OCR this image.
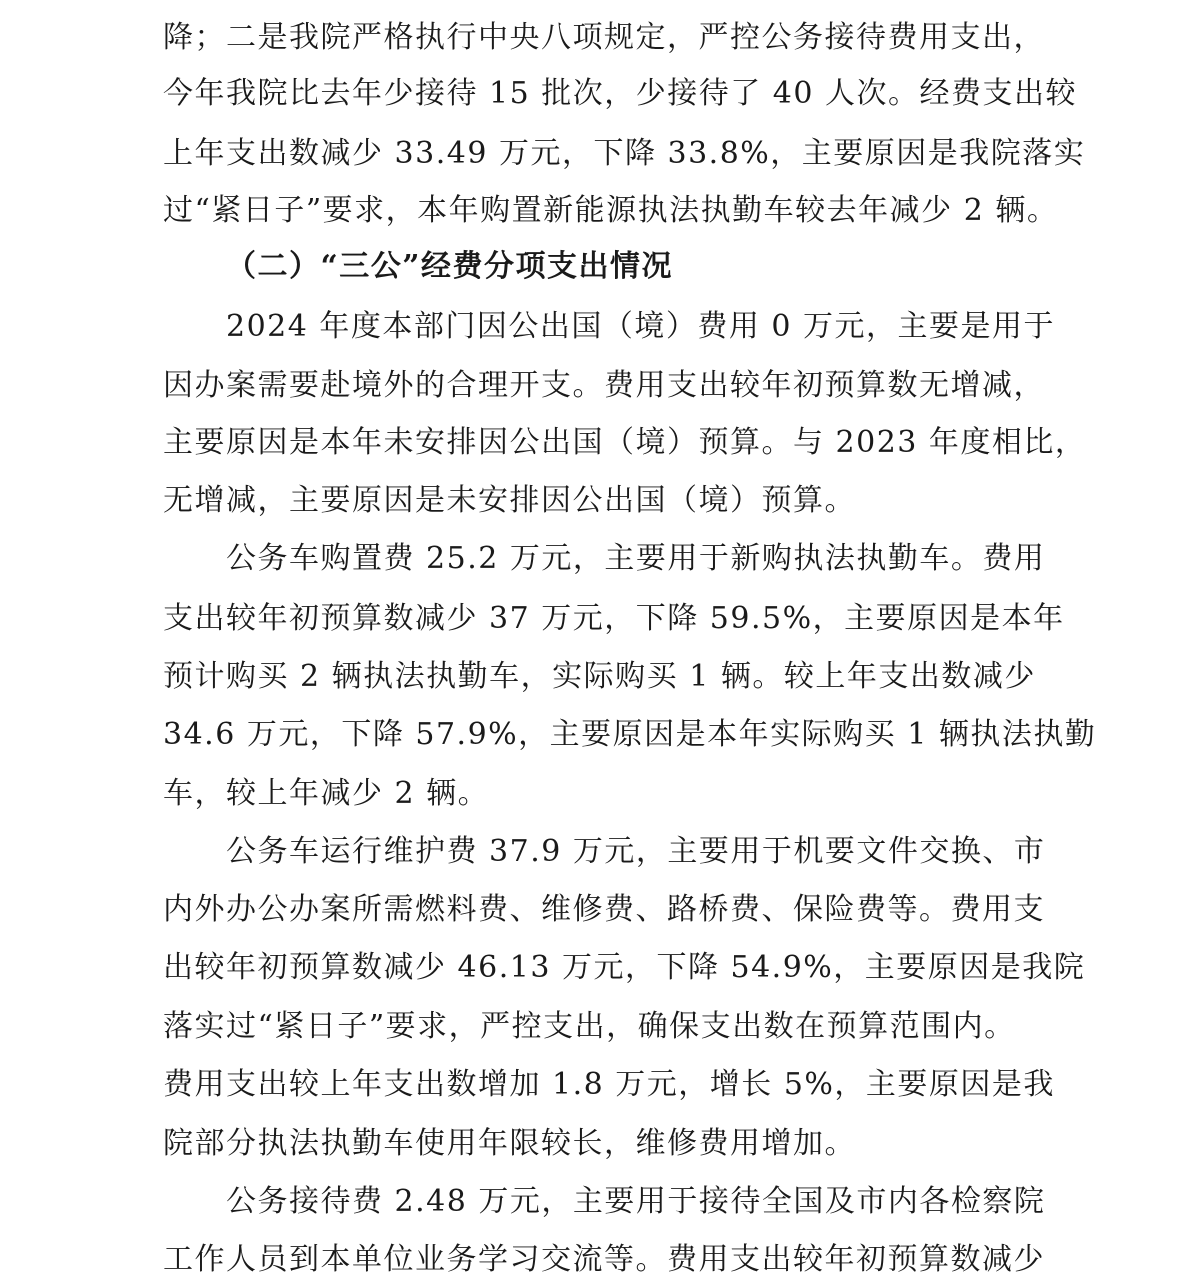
降；二是我院严格执行中央八项规定，严控公务接待费用支出，
今年我院比去年少接待 15 批次，少接待了 40 人次。经费支出较
上年支出数减少 33.49 万元，下降 33.8%，主要原因是我院落实
过“紧日子”要求，本年购置新能源执法执勤车较去年减少 2 辆。
（二）“三公”经费分项支出情况
2024 年度本部门因公出国（境）费用 0 万元，主要是用于
因办案需要赴境外的合理开支。费用支出较年初预算数无增减，
主要原因是本年未安排因公出国（境）预算。与 2023 年度相比，
无增减，主要原因是未安排因公出国（境）预算。
公务车购置费 25.2 万元，主要用于新购执法执勤车。费用
支出较年初预算数减少 37 万元，下降 59.5%，主要原因是本年
预计购买 2 辆执法执勤车，实际购买 1 辆。较上年支出数减少
34.6 万元，下降 57.9%，主要原因是本年实际购买 1 辆执法执勤
车，较上年减少 2 辆。
公务车运行维护费 37.9 万元，主要用于机要文件交换、市
内外办公办案所需燃料费、维修费、路桥费、保险费等。费用支
出较年初预算数减少 46.13 万元，下降 54.9%，主要原因是我院
落实过“紧日子”要求，严控支出，确保支出数在预算范围内。
费用支出较上年支出数增加 1.8 万元，增长 5%，主要原因是我
院部分执法执勤车使用年限较长，维修费用增加。
公务接待费 2.48 万元，主要用于接待全国及市内各检察院
工作人员到本单位业务学习交流等。费用支出较年初预算数减少
